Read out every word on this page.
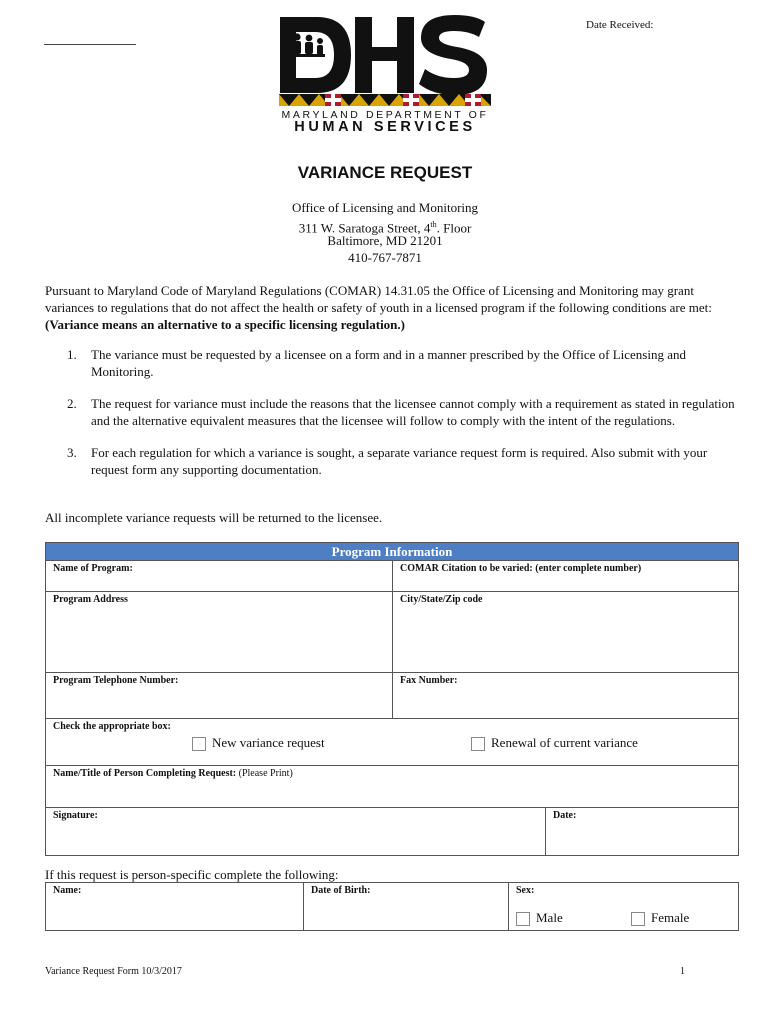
Date Received:
MARYLAND DEPARTMENT OF
HUMAN SERVICES
VARIANCE REQUEST
Office of Licensing and Monitoring
311 W. Saratoga Street, 4th. Floor
Baltimore, MD 21201
410-767-7871
Pursuant to Maryland Code of Maryland Regulations (COMAR) 14.31.05 the Office of Licensing and Monitoring may grant variances to regulations that do not affect the health or safety of youth in a licensed program if the following conditions are met: (Variance means an alternative to a specific licensing regulation.)
1. The variance must be requested by a licensee on a form and in a manner prescribed by the Office of Licensing and Monitoring.
2. The request for variance must include the reasons that the licensee cannot comply with a requirement as stated in regulation and the alternative equivalent measures that the licensee will follow to comply with the intent of the regulations.
3. For each regulation for which a variance is sought, a separate variance request form is required. Also submit with your request form any supporting documentation.
All incomplete variance requests will be returned to the licensee.
Program Information
Name of Program:	COMAR Citation to be varied: (enter complete number)
Program Address	City/State/Zip code
Program Telephone Number:	Fax Number:
Check the appropriate box:
New variance request	Renewal of current variance
Name/Title of Person Completing Request: (Please Print)
Signature:	Date:
If this request is person-specific complete the following:
Name:	Date of Birth:	Sex:
Male	Female
Variance Request Form 10/3/2017	1
